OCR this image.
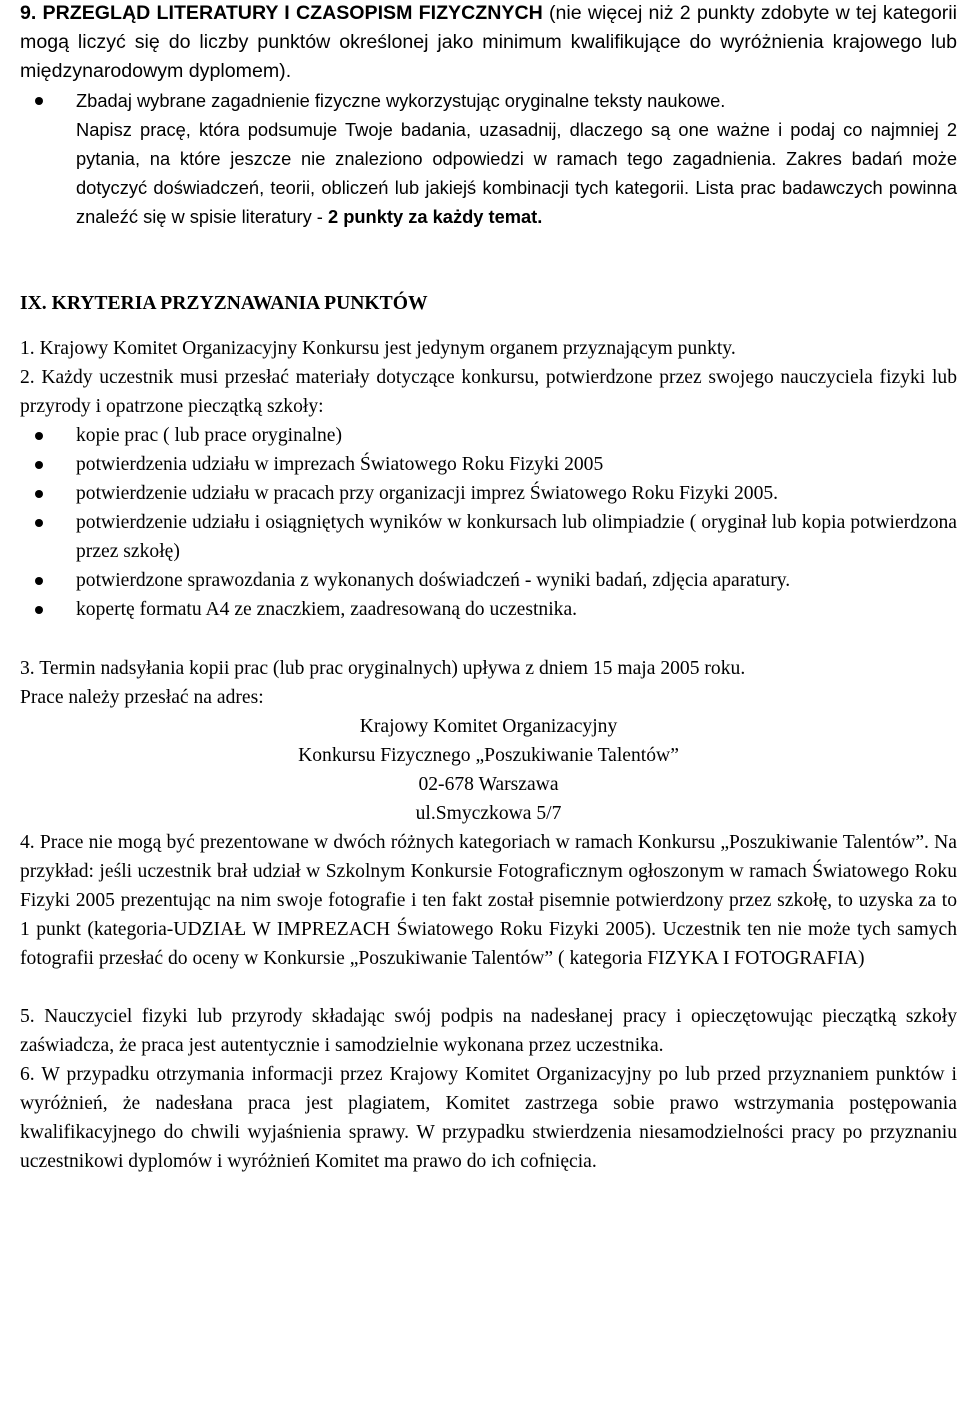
9. PRZEGLĄD LITERATURY I CZASOPISM FIZYCZNYCH (nie więcej niż 2 punkty zdobyte w tej kategorii mogą liczyć się do liczby punktów określonej jako minimum kwalifikujące do wyróżnienia krajowego lub międzynarodowym dyplomem).
Zbadaj wybrane zagadnienie fizyczne wykorzystując oryginalne teksty naukowe.
Napisz pracę, która podsumuje Twoje badania, uzasadnij, dlaczego są one ważne i podaj co najmniej 2 pytania, na które jeszcze nie znaleziono odpowiedzi w ramach tego zagadnienia. Zakres badań może dotyczyć doświadczeń, teorii, obliczeń lub jakiejś kombinacji tych kategorii. Lista prac badawczych powinna znaleźć się w spisie literatury - 2 punkty za każdy temat.
IX. KRYTERIA PRZYZNAWANIA PUNKTÓW
1. Krajowy Komitet Organizacyjny Konkursu jest jedynym organem przyznającym punkty.
2. Każdy uczestnik musi przesłać materiały dotyczące konkursu, potwierdzone przez swojego nauczyciela fizyki lub przyrody i opatrzone pieczątką szkoły:
kopie prac ( lub prace oryginalne)
potwierdzenia udziału w imprezach Światowego Roku Fizyki 2005
potwierdzenie udziału w pracach przy organizacji imprez Światowego Roku Fizyki 2005.
potwierdzenie udziału i osiągniętych wyników w konkursach lub olimpiadzie ( oryginał lub kopia potwierdzona przez szkołę)
potwierdzone sprawozdania z wykonanych doświadczeń - wyniki badań, zdjęcia aparatury.
kopertę formatu A4 ze znaczkiem, zaadresowaną do uczestnika.
3. Termin nadsyłania kopii prac (lub prac oryginalnych) upływa z dniem 15 maja 2005 roku.
Prace należy przesłać na adres:
Krajowy Komitet Organizacyjny
Konkursu Fizycznego „Poszukiwanie Talentów”
02-678 Warszawa
ul.Smyczkowa 5/7
4. Prace nie mogą być prezentowane w dwóch różnych kategoriach w ramach Konkursu „Poszukiwanie Talentów”. Na przykład: jeśli uczestnik brał udział w Szkolnym Konkursie Fotograficznym ogłoszonym w ramach Światowego Roku Fizyki 2005 prezentując na nim swoje fotografie i ten fakt został pisemnie potwierdzony przez szkołę, to uzyska za to 1 punkt (kategoria-UDZIAŁ W IMPREZACH Światowego Roku Fizyki 2005). Uczestnik ten nie może tych samych fotografii przesłać do oceny w Konkursie „Poszukiwanie Talentów” ( kategoria FIZYKA I FOTOGRAFIA)
5. Nauczyciel fizyki lub przyrody składając swój podpis na nadesłanej pracy i opieczętowując pieczątką szkoły zaświadcza, że praca jest autentycznie i samodzielnie wykonana przez uczestnika.
6. W przypadku otrzymania informacji przez Krajowy Komitet Organizacyjny po lub przed przyznaniem punktów i wyróżnień, że nadesłana praca jest plagiatem, Komitet zastrzega sobie prawo wstrzymania postępowania kwalifikacyjnego do chwili wyjaśnienia sprawy. W przypadku stwierdzenia niesamodzielności pracy po przyznaniu uczestnikowi dyplomów i wyróżnień Komitet ma prawo do ich cofnięcia.
